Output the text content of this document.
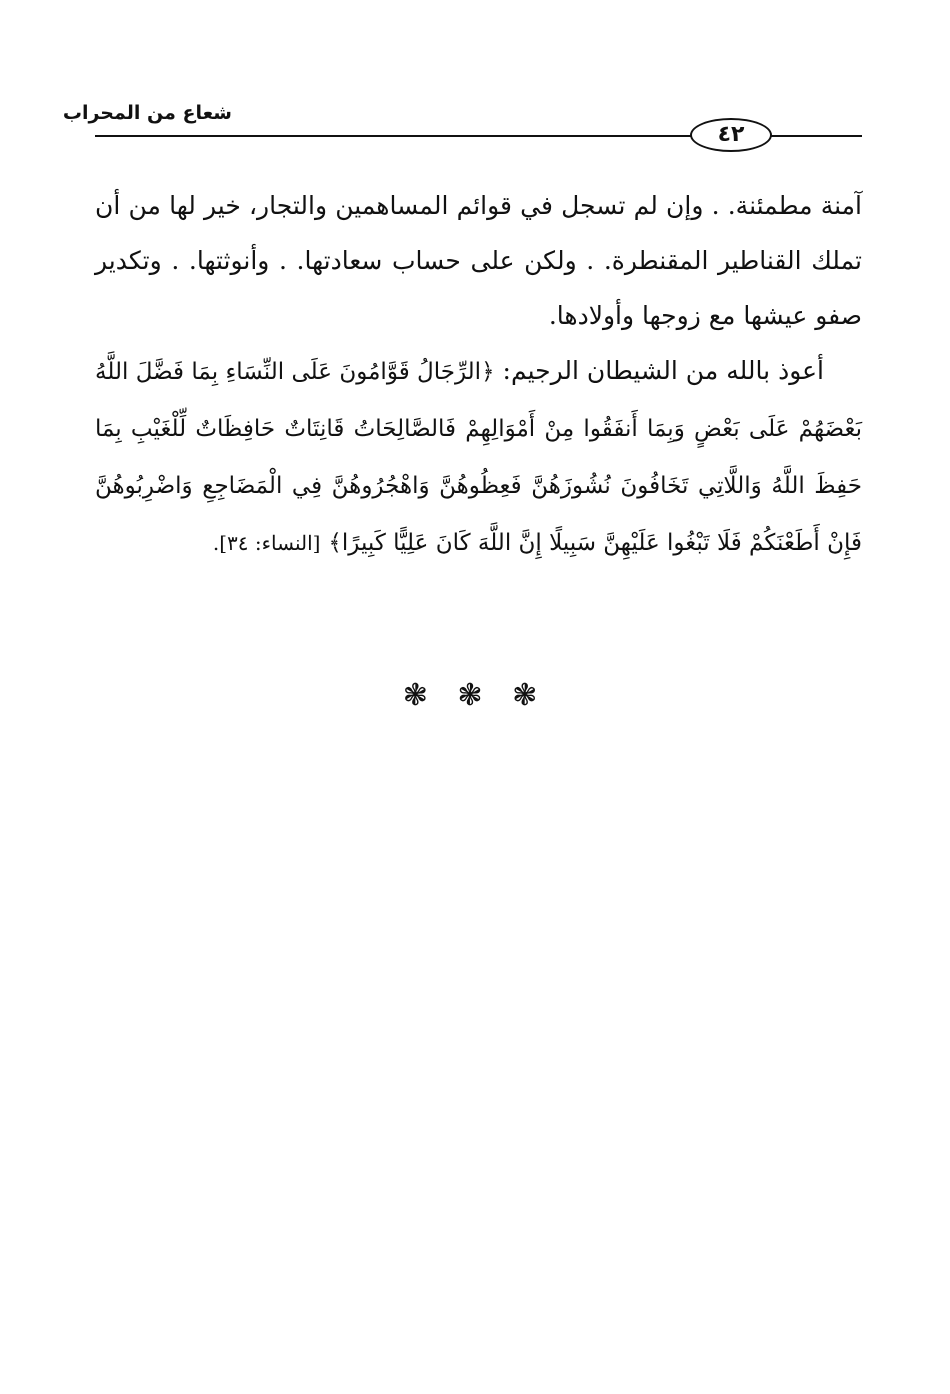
شعاع من المحراب
٤٢

آمنة مطمئنة. . وإن لم تسجل في قوائم المساهمين والتجار، خير لها من أن تملك القناطير المقنطرة. . ولكن على حساب سعادتها. . وأنوثتها. . وتكدير صفو عيشها مع زوجها وأولادها.

أعوذ بالله من الشيطان الرجيم: ﴿الرِّجَالُ قَوَّامُونَ عَلَى النِّسَاءِ بِمَا فَضَّلَ اللَّهُ بَعْضَهُمْ عَلَى بَعْضٍ وَبِمَا أَنفَقُوا مِنْ أَمْوَالِهِمْ فَالصَّالِحَاتُ قَانِتَاتٌ حَافِظَاتٌ لِّلْغَيْبِ بِمَا حَفِظَ اللَّهُ وَاللَّاتِي تَخَافُونَ نُشُوزَهُنَّ فَعِظُوهُنَّ وَاهْجُرُوهُنَّ فِي الْمَضَاجِعِ وَاضْرِبُوهُنَّ فَإِنْ أَطَعْنَكُمْ فَلَا تَبْغُوا عَلَيْهِنَّ سَبِيلًا إِنَّ اللَّهَ كَانَ عَلِيًّا كَبِيرًا﴾ [النساء: ٣٤].

❃ ❃ ❃
